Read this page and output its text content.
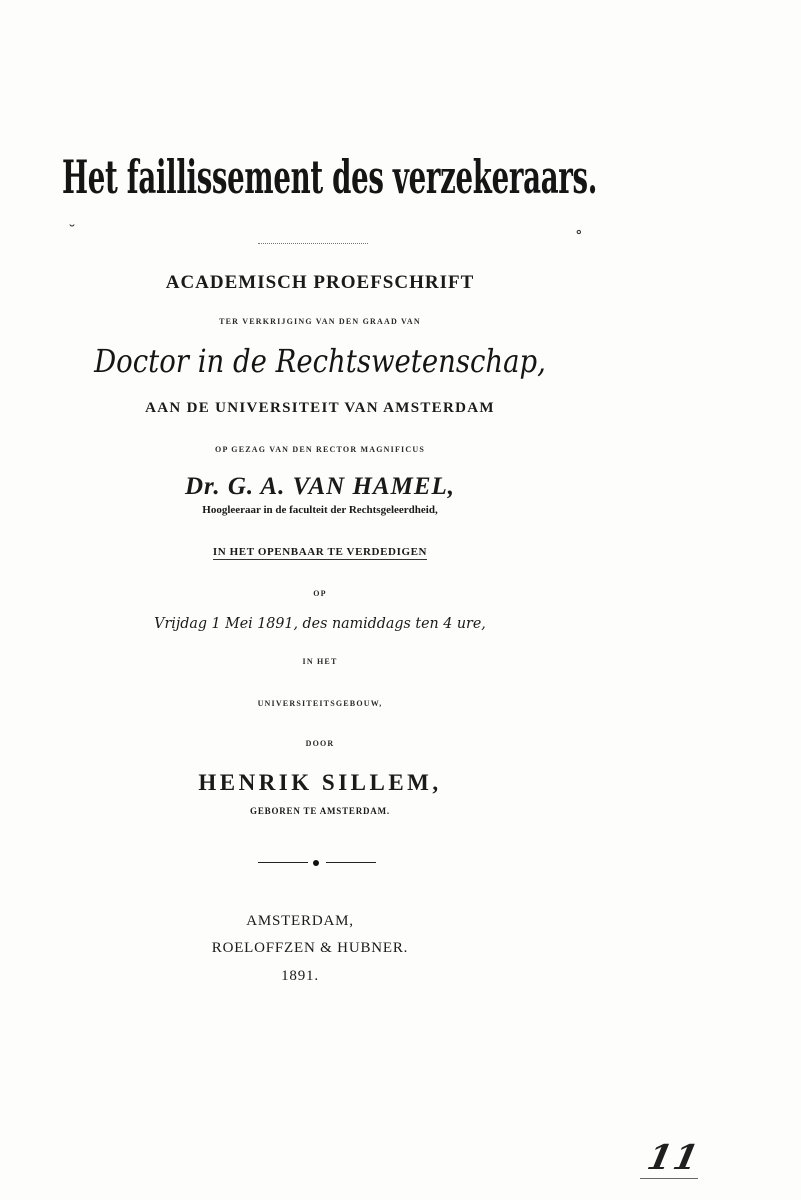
Het faillissement des verzekeraars.
˘	∘
ACADEMISCH PROEFSCHRIFT
TER VERKRIJGING VAN DEN GRAAD VAN
Doctor in de Rechtswetenschap,
AAN DE UNIVERSITEIT VAN AMSTERDAM
OP GEZAG VAN DEN RECTOR MAGNIFICUS
Dr. G. A. VAN HAMEL,
Hoogleeraar in de faculteit der Rechtsgeleerdheid,
IN HET OPENBAAR TE VERDEDIGEN
OP
Vrijdag 1 Mei 1891, des namiddags ten 4 ure,
IN HET
UNIVERSITEITSGEBOUW,
DOOR
HENRIK SILLEM,
GEBOREN TE AMSTERDAM.
AMSTERDAM,
ROELOFFZEN & HUBNER.
1891.
11
